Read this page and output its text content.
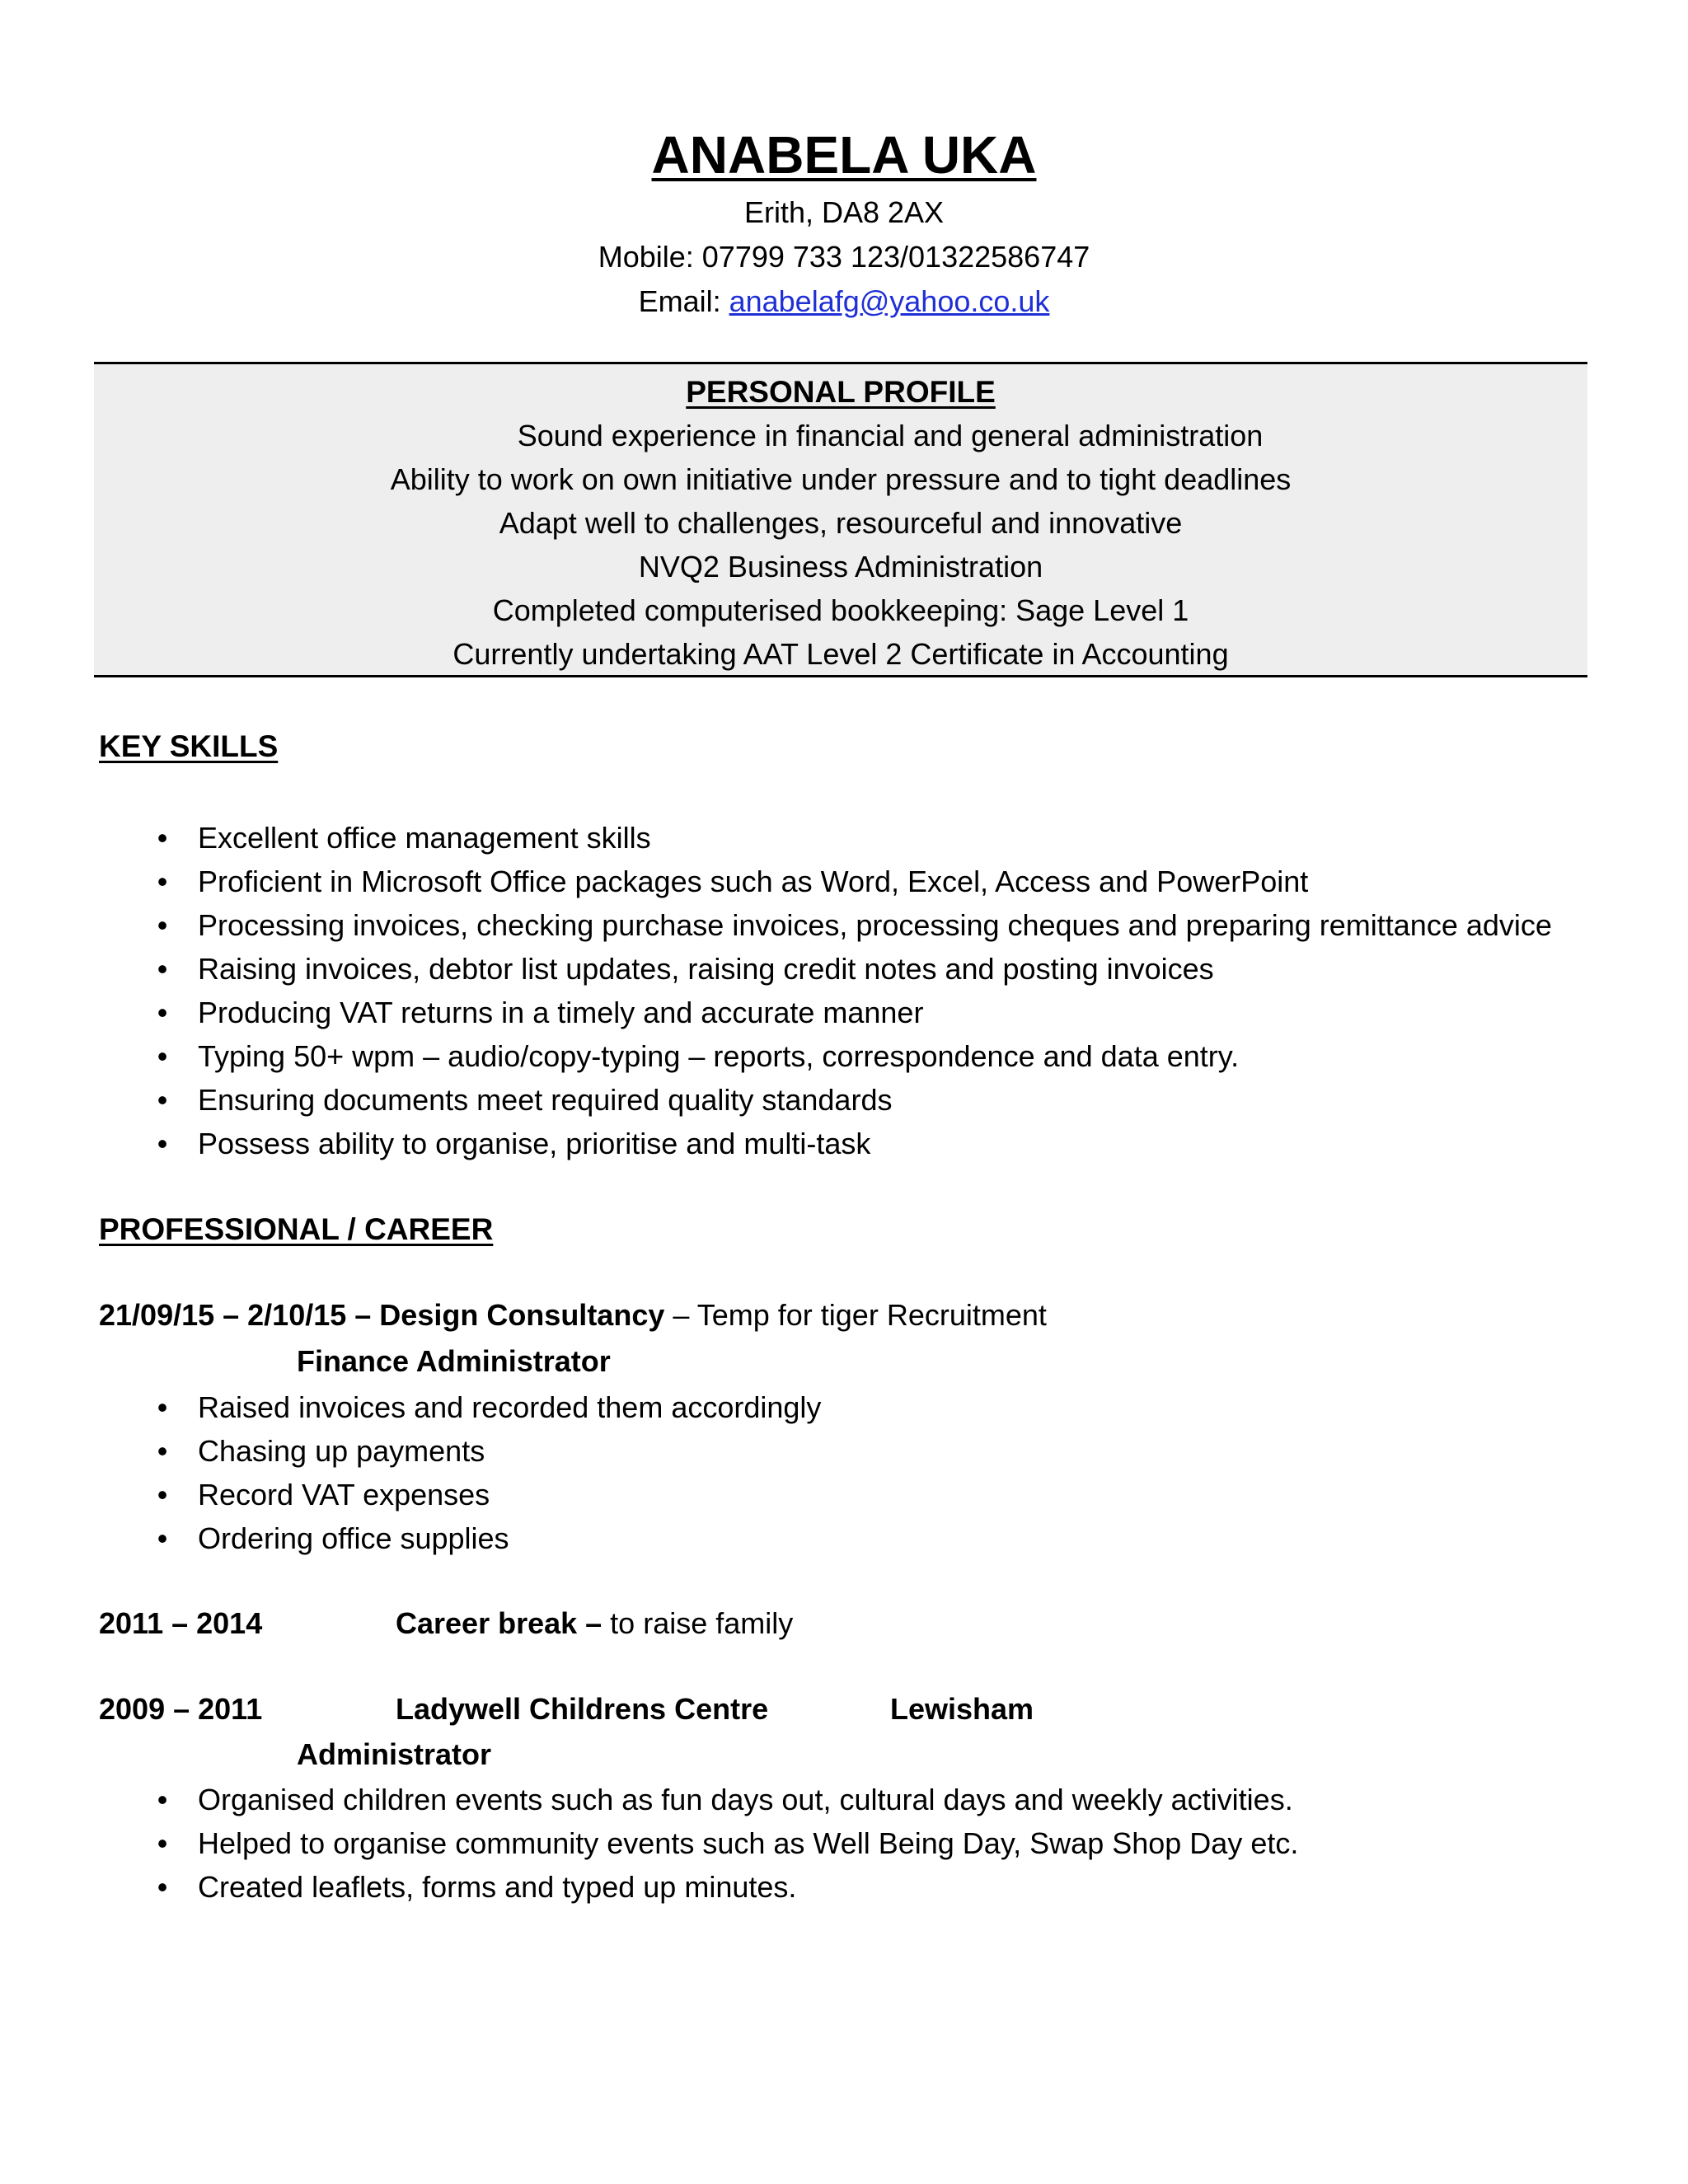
ANABELA UKA
Erith, DA8 2AX
Mobile: 07799 733 123/01322586747
Email: anabelafg@yahoo.co.uk
PERSONAL PROFILE
Sound experience in financial and general administration
Ability to work on own initiative under pressure and to tight deadlines
Adapt well to challenges, resourceful and innovative
NVQ2 Business Administration
Completed computerised bookkeeping: Sage Level 1
Currently undertaking AAT Level 2 Certificate in Accounting
KEY SKILLS
• Excellent office management skills
• Proficient in Microsoft Office packages such as Word, Excel, Access and PowerPoint
• Processing invoices, checking purchase invoices, processing cheques and preparing remittance advice
• Raising invoices, debtor list updates, raising credit notes and posting invoices
• Producing VAT returns in a timely and accurate manner
• Typing 50+ wpm – audio/copy-typing – reports, correspondence and data entry.
• Ensuring documents meet required quality standards
• Possess ability to organise, prioritise and multi-task
PROFESSIONAL / CAREER
21/09/15 – 2/10/15 – Design Consultancy – Temp for tiger Recruitment
Finance Administrator
• Raised invoices and recorded them accordingly
• Chasing up payments
• Record VAT expenses
• Ordering office supplies
2011 – 2014	Career break – to raise family
2009 – 2011	Ladywell Childrens Centre	Lewisham
Administrator
• Organised children events such as fun days out, cultural days and weekly activities.
• Helped to organise community events such as Well Being Day, Swap Shop Day etc.
• Created leaflets, forms and typed up minutes.
